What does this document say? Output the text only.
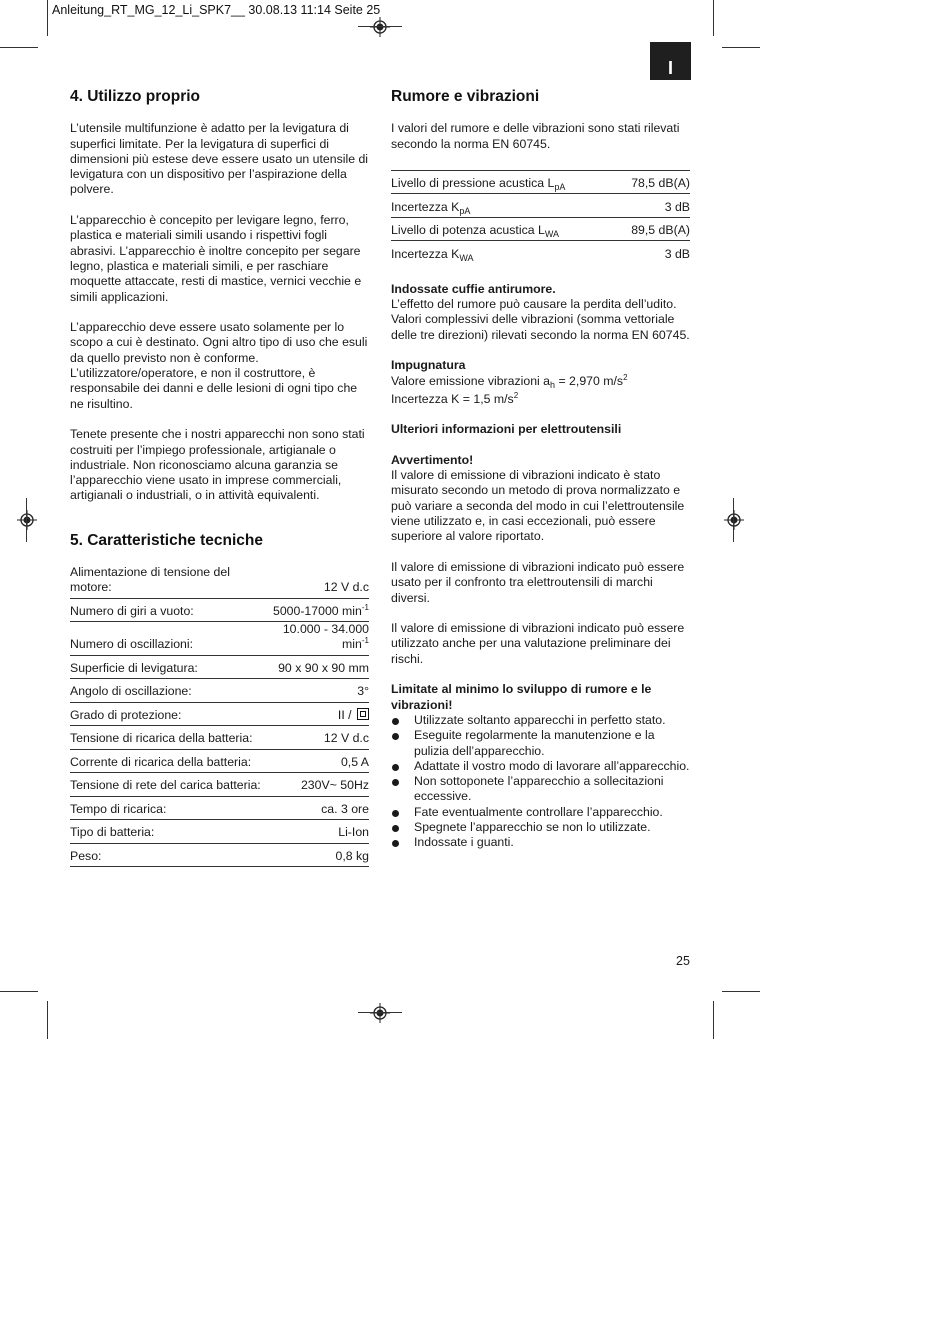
Anleitung_RT_MG_12_Li_SPK7__ 30.08.13 11:14 Seite 25
I
4. Utilizzo proprio

L’utensile multifunzione è adatto per la levigatura di superfici limitate. Per la levigatura di superfici di dimensioni più estese deve essere usato un utensile di levigatura con un dispositivo per l’aspirazione della polvere.

L’apparecchio è concepito per levigare legno, ferro, plastica e materiali simili usando i rispettivi fogli abrasivi. L’apparecchio è inoltre concepito per segare legno, plastica e materiali simili, e per raschiare moquette attaccate, resti di mastice, vernici vecchie e simili applicazioni.

L’apparecchio deve essere usato solamente per lo scopo a cui è destinato. Ogni altro tipo di uso che esuli da quello previsto non è conforme. L’utilizzatore/operatore, e non il costruttore, è responsabile dei danni e delle lesioni di ogni tipo che ne risultino.

Tenete presente che i nostri apparecchi non sono stati costruiti per l’impiego professionale, artigianale o industriale. Non riconosciamo alcuna garanzia se l’apparecchio viene usato in imprese commerciali, artigianali o industriali, o in attività equivalenti.

5. Caratteristiche tecniche
Alimentazione di tensione del motore:	12 V d.c
Numero di giri a vuoto:	5000-17000 $\min^{-1}$
Numero di oscillazioni:	10.000 - 34.000 $\min^{-1}$
Superficie di levigatura:	90 x 90 x 90 mm
Angolo di oscillazione:	3°
Grado di protezione:	II /
Tensione di ricarica della batteria:	12 V d.c
Corrente di ricarica della batteria:	0,5 A
Tensione di rete del carica batteria:	230V~ 50Hz
Tempo di ricarica:	ca. 3 ore
Tipo di batteria:	Li-Ion
Peso:	0,8 kg
Rumore e vibrazioni

I valori del rumore e delle vibrazioni sono stati rilevati secondo la norma EN 60745.

Livello di pressione acustica $L_{pA}$	78,5 dB(A)
Incertezza $K_{pA}$	3 dB
Livello di potenza acustica $L_{WA}$	89,5 dB(A)
Incertezza $K_{WA}$	3 dB
Indossate cuffie antirumore.

L’effetto del rumore può causare la perdita dell’udito. Valori complessivi delle vibrazioni (somma vettoriale delle tre direzioni) rilevati secondo la norma EN 60745.

Impugnatura
Valore emissione vibrazioni $a_h = 2,970$ $m/s^2$
Incertezza K = 1,5 $m/s^2$

Ulteriori informazioni per elettroutensili

Avvertimento!

Il valore di emissione di vibrazioni indicato è stato misurato secondo un metodo di prova normalizzato e può variare a seconda del modo in cui l’elettroutensile viene utilizzato e, in casi eccezionali, può essere superiore al valore riportato.

Il valore di emissione di vibrazioni indicato può essere usato per il confronto tra elettroutensili di marchi diversi.

Il valore di emissione di vibrazioni indicato può essere utilizzato anche per una valutazione preliminare dei rischi.

Limitate al minimo lo sviluppo di rumore e le vibrazioni!
Utilizzate soltanto apparecchi in perfetto stato.
Eseguite regolarmente la manutenzione e la pulizia dell’apparecchio.
Adattate il vostro modo di lavorare all’apparecchio.
Non sottoponete l’apparecchio a sollecitazioni eccessive.
Fate eventualmente controllare l’apparecchio.
Spegnete l’apparecchio se non lo utilizzate.
Indossate i guanti.
25
